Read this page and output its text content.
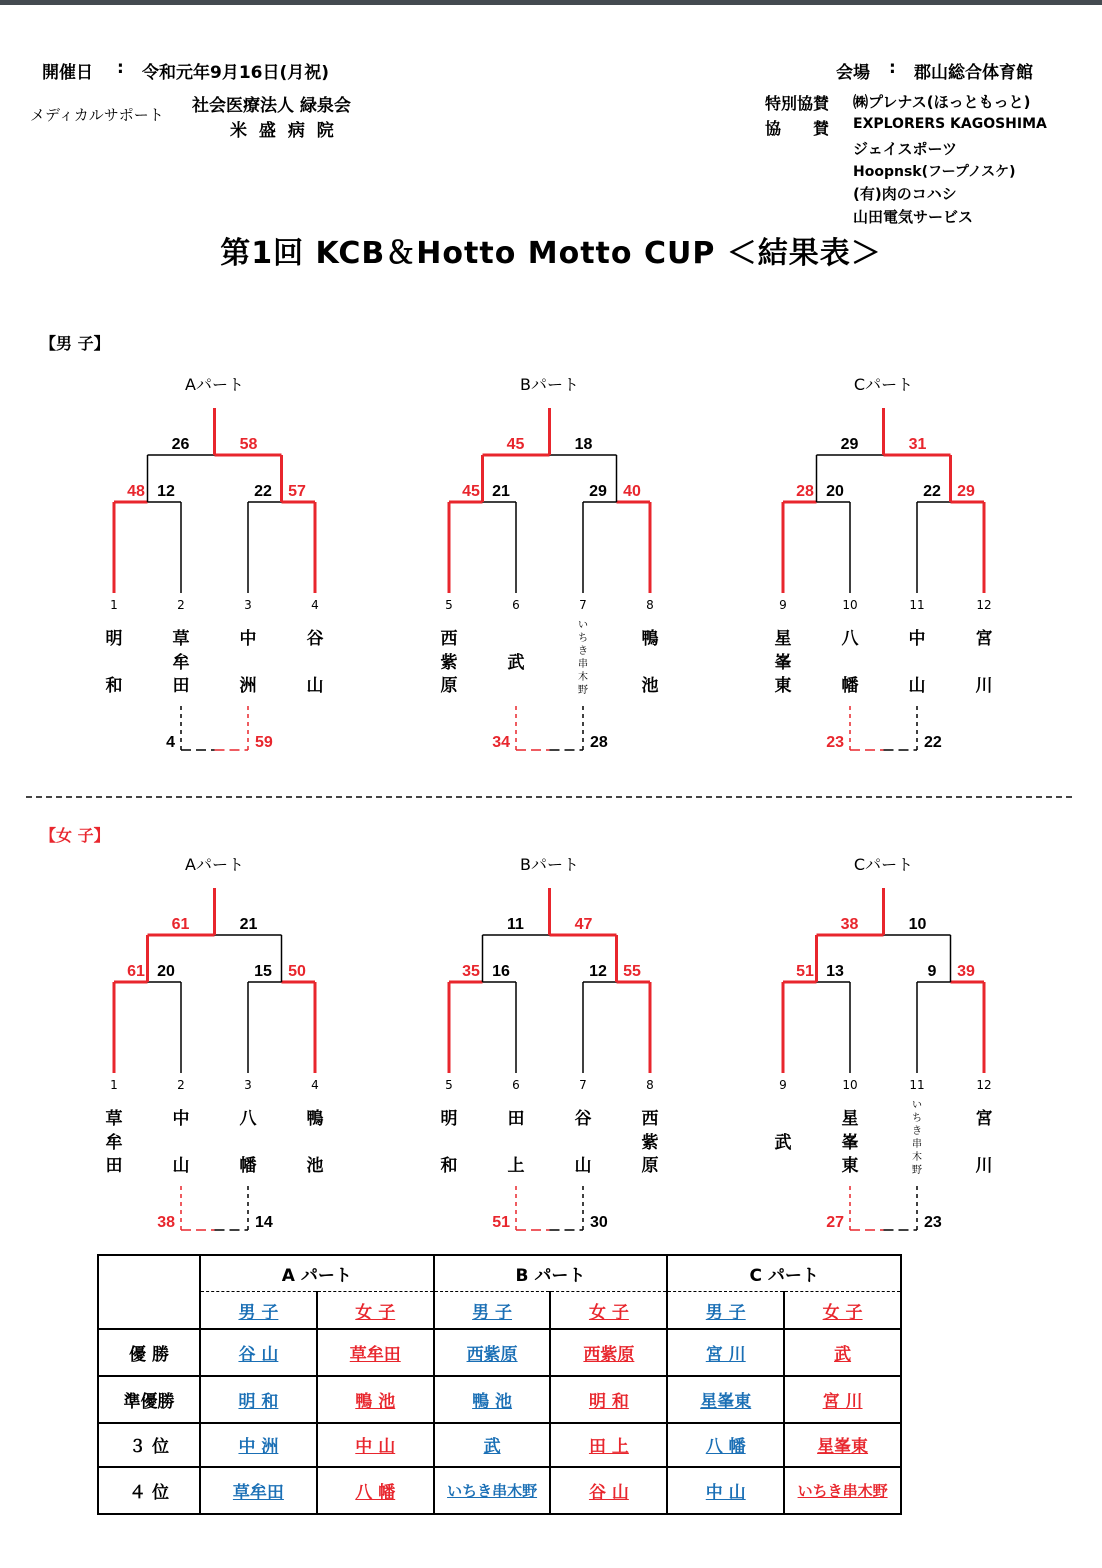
開催日 : 令和元年9月16日(月祝)	会場 : 郡山総合体育館
メディカルサポート 社会医療法人 緑泉会
米 盛 病 院
特別協賛 ㈱プレナス(ほっともっと)
協　　賛 EXPLORERS KAGOSHIMA
ジェイスポーツ
Hoopnsk(フープノスケ)
(有)肉のコハシ
山田電気サービス
第1回 KCB＆Hotto Motto CUP ＜結果表＞
【男 子】
【女 子】
Aパート
48 12	22 57
26	58
1	2	3	4
明
和
草
牟
田
中
洲
谷
山
4	59
Bパート
45 21	29 40
45	18
5	6	7	8
西
紫
原
武
い
ち
き
串
木
野
鴨
池
34	28
Cパート
28 20	22 29
29	31
9	10	11	12
星
峯
東
八
幡
中
山
宮
川
23	22
Aパート
61 20	15 50
61	21
1	2	3	4
草
牟
田
中
山
八
幡
鴨
池
38	14
Bパート
35 16	12 55
11	47
5	6	7	8
明
和
田
上
谷
山
西
紫
原
51	30
Cパート
51 13	9 39
38	10
9	10	11	12
武
星
峯
東
い
ち
き
串
木
野
宮
川
27	23
	A パート		B パート		C パート	
	男 子	女 子	男 子	女 子	男 子	女 子
優 勝	谷 山	草牟田	西紫原	西紫原	宮 川	武
準優勝	明 和	鴨 池	鴨 池	明 和	星峯東	宮 川
３ 位	中 洲	中 山	武	田 上	八 幡	星峯東
４ 位	草牟田	八 幡	いちき串木野	谷 山	中 山	いちき串木野
